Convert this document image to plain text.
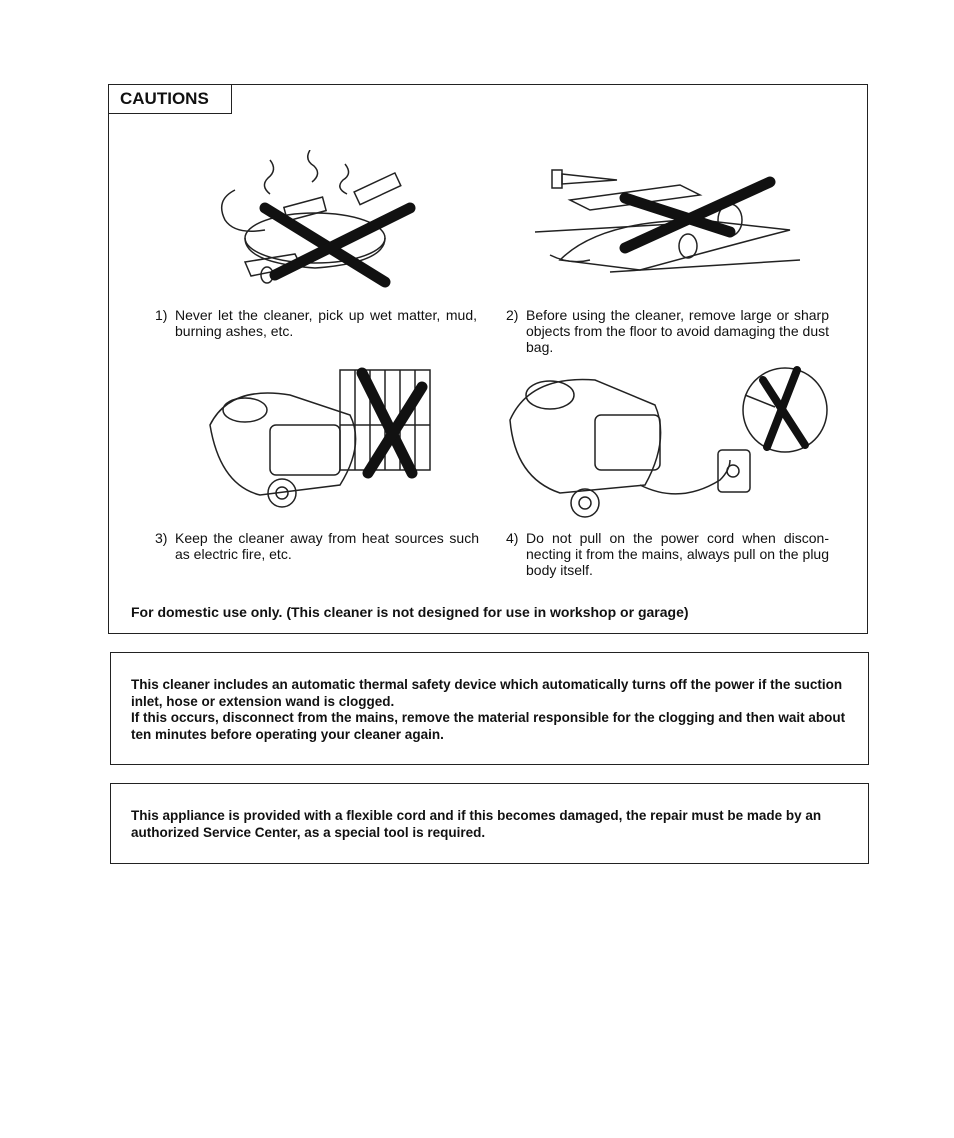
CAUTIONS
1) Never let the cleaner, pick up wet matter, mud, burning ashes, etc.
2) Before using the cleaner, remove large or sharp objects from the floor to avoid damaging the dust bag.
3) Keep the cleaner away from heat sources such as electric fire, etc.
4) Do not pull on the power cord when discon-necting it from the mains, always pull on the plug body itself.
For domestic use only. (This cleaner is not designed for use in workshop or garage)
This cleaner includes an automatic thermal safety device which automatically turns off the power if the suction inlet, hose or extension wand is clogged.
If this occurs, disconnect from the mains, remove the material responsible for the clogging and then wait about ten minutes before operating your cleaner again.
This appliance is provided with a flexible cord and if this becomes damaged, the repair must be made by an authorized Service Center, as a special tool is required.
